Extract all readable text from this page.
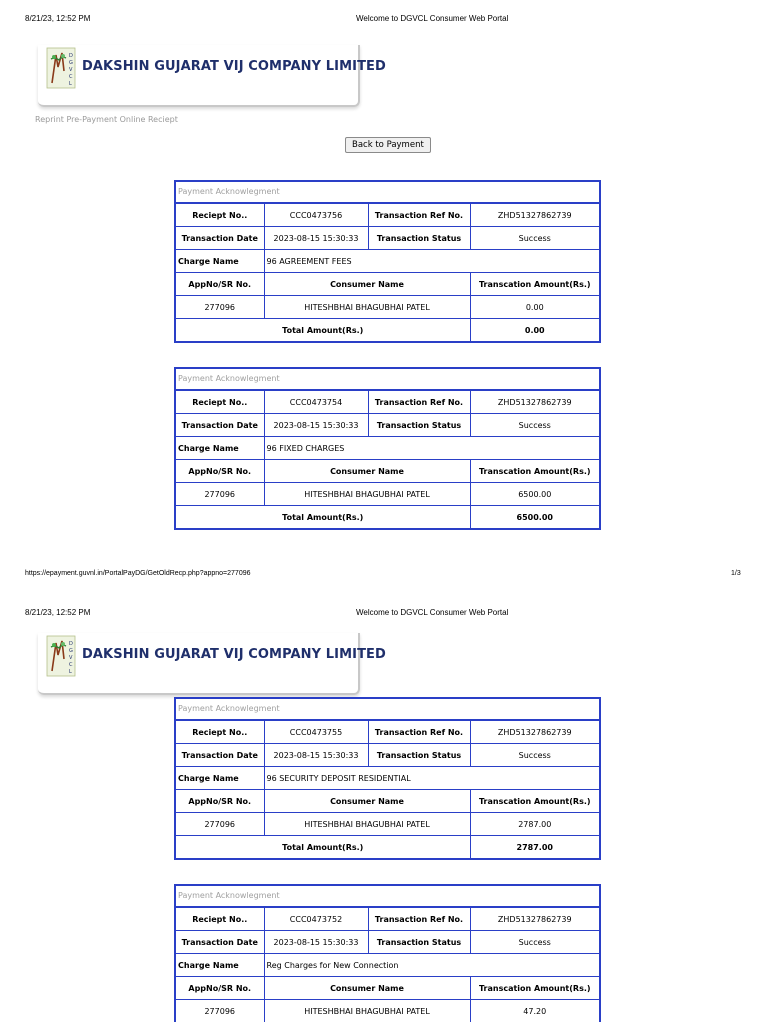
8/21/23, 12:52 PM	Welcome to DGVCL Consumer Web Portal
D
G
V
C
L
DAKSHIN GUJARAT VIJ COMPANY LIMITED
Reprint Pre-Payment Online Reciept
Back to Payment
Payment Acknowlegment
Reciept No..	CCC0473756	Transaction Ref No.	ZHD51327862739
Transaction Date	2023-08-15 15:30:33	Transaction Status	Success
Charge Name	96 AGREEMENT FEES		
AppNo/SR No.	Consumer Name		Transcation Amount(Rs.)
277096	HITESHBHAI BHAGUBHAI PATEL		0.00
Total Amount(Rs.)			0.00
Payment Acknowlegment
Reciept No..	CCC0473754	Transaction Ref No.	ZHD51327862739
Transaction Date	2023-08-15 15:30:33	Transaction Status	Success
Charge Name	96 FIXED CHARGES		
AppNo/SR No.	Consumer Name		Transcation Amount(Rs.)
277096	HITESHBHAI BHAGUBHAI PATEL		6500.00
Total Amount(Rs.)			6500.00
https://epayment.guvnl.in/PortalPayDG/GetOldRecp.php?appno=277096	1/3
8/21/23, 12:52 PM	Welcome to DGVCL Consumer Web Portal
D
G
V
C
L
DAKSHIN GUJARAT VIJ COMPANY LIMITED
Payment Acknowlegment
Reciept No..	CCC0473755	Transaction Ref No.	ZHD51327862739
Transaction Date	2023-08-15 15:30:33	Transaction Status	Success
Charge Name	96 SECURITY DEPOSIT RESIDENTIAL		
AppNo/SR No.	Consumer Name		Transcation Amount(Rs.)
277096	HITESHBHAI BHAGUBHAI PATEL		2787.00
Total Amount(Rs.)			2787.00
Payment Acknowlegment
Reciept No..	CCC0473752	Transaction Ref No.	ZHD51327862739
Transaction Date	2023-08-15 15:30:33	Transaction Status	Success
Charge Name	Reg Charges for New Connection		
AppNo/SR No.	Consumer Name		Transcation Amount(Rs.)
277096	HITESHBHAI BHAGUBHAI PATEL		47.20
